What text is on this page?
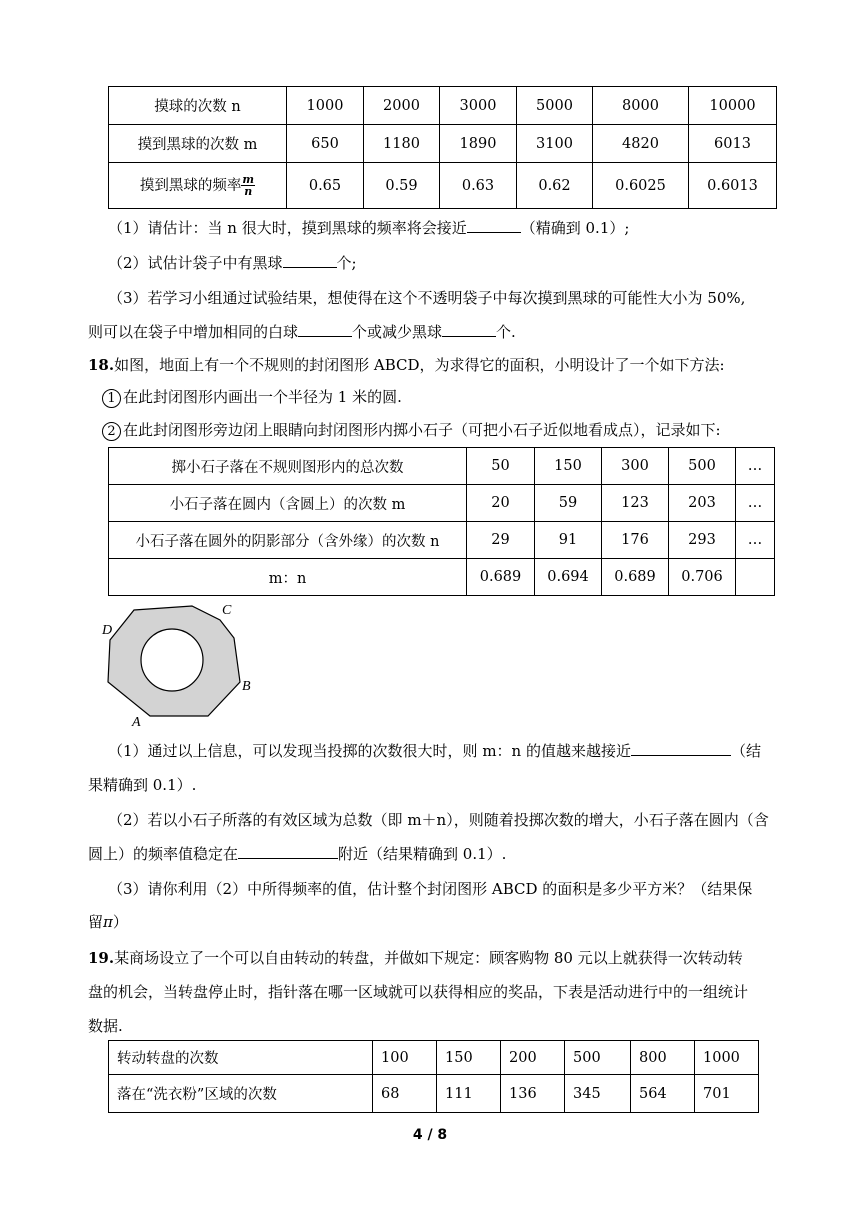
摸球的次数 n	1000	2000	3000	5000	8000	10000
摸到黑球的次数 m	650	1180	1890	3100	4820	6013
摸到黑球的频率 $\frac{m}{n}$	0.65	0.59	0.63	0.62	0.6025	0.6013
（1）请估计：当 n 很大时，摸到黑球的频率将会接近	（精确到 0.1）;
（2）试估计袋子中有黑球	个;
（3）若学习小组通过试验结果，想使得在这个不透明袋子中每次摸到黑球的可能性大小为 50%,
则可以在袋子中增加相同的白球	个或减少黑球	个.
18.如图，地面上有一个不规则的封闭图形 ABCD，为求得它的面积，小明设计了一个如下方法:
1 在此封闭图形内画出一个半径为 1 米的圆.
2 在此封闭图形旁边闭上眼睛向封闭图形内掷小石子（可把小石子近似地看成点），记录如下:
掷小石子落在不规则图形内的总次数	50	150	300	500	…
小石子落在圆内（含圆上）的次数 m	20	59	123	203	…
小石子落在圆外的阴影部分（含外缘）的次数 n	29	91	176	293	…
m：n	0.689	0.694	0.689	0.706	
D
C
B
A
（1）通过以上信息，可以发现当投掷的次数很大时，则 m：n 的值越来越接近	（结
果精确到 0.1）.
（2）若以小石子所落的有效区域为总数（即 m＋n），则随着投掷次数的增大，小石子落在圆内（含
圆上）的频率值稳定在	附近（结果精确到 0.1）.
（3）请你利用（2）中所得频率的值，估计整个封闭图形 ABCD 的面积是多少平方米？（结果保
留π）
19.某商场设立了一个可以自由转动的转盘，并做如下规定：顾客购物 80 元以上就获得一次转动转
盘的机会，当转盘停止时，指针落在哪一区域就可以获得相应的奖品，下表是活动进行中的一组统计
数据.
转动转盘的次数	100	150	200	500	800	1000
落在“洗衣粉”区域的次数	68	111	136	345	564	701
4 / 8
